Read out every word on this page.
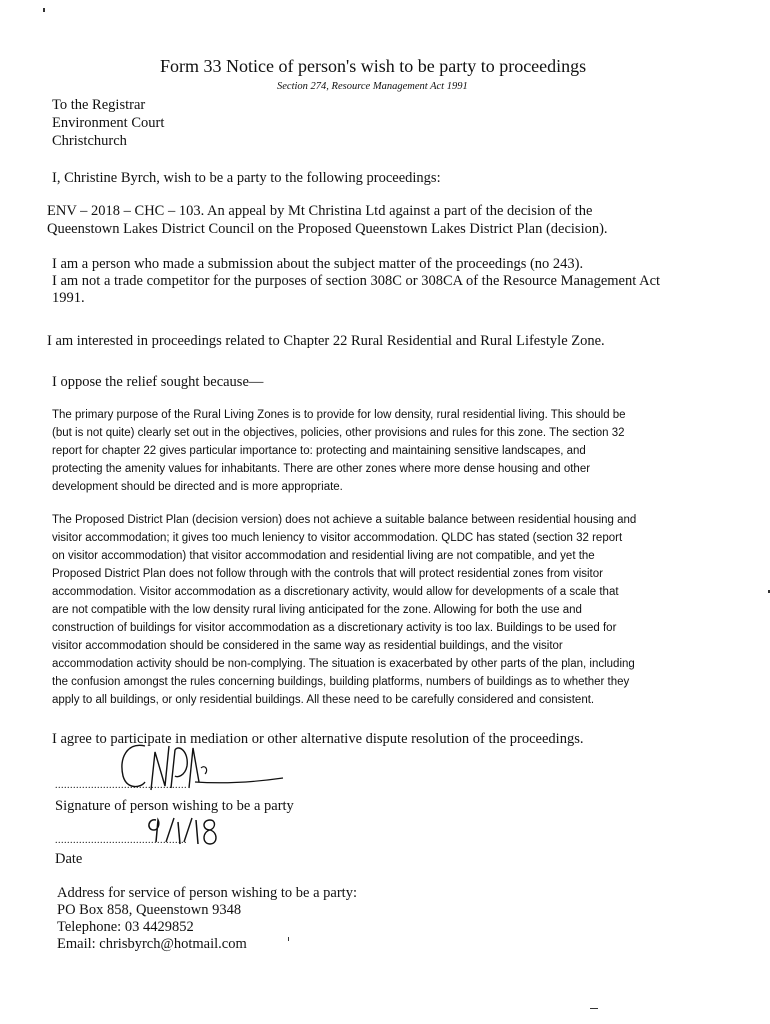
Form 33 Notice of person's wish to be party to proceedings
Section 274, Resource Management Act 1991
To the Registrar
Environment Court
Christchurch
I, Christine Byrch, wish to be a party to the following proceedings:
ENV – 2018 – CHC – 103. An appeal by Mt Christina Ltd against a part of the decision of the
Queenstown Lakes District Council on the Proposed Queenstown Lakes District Plan (decision).
I am a person who made a submission about the subject matter of the proceedings (no 243).
I am not a trade competitor for the purposes of section 308C or 308CA of the Resource Management Act
1991.
I am interested in proceedings related to Chapter 22 Rural Residential and Rural Lifestyle Zone.
I oppose the relief sought because—
The primary purpose of the Rural Living Zones is to provide for low density, rural residential living. This should be
(but is not quite) clearly set out in the objectives, policies, other provisions and rules for this zone. The section 32
report for chapter 22 gives particular importance to: protecting and maintaining sensitive landscapes, and
protecting the amenity values for inhabitants. There are other zones where more dense housing and other
development should be directed and is more appropriate.
The Proposed District Plan (decision version) does not achieve a suitable balance between residential housing and
visitor accommodation; it gives too much leniency to visitor accommodation. QLDC has stated (section 32 report
on visitor accommodation) that visitor accommodation and residential living are not compatible, and yet the
Proposed District Plan does not follow through with the controls that will protect residential zones from visitor
accommodation. Visitor accommodation as a discretionary activity, would allow for developments of a scale that
are not compatible with the low density rural living anticipated for the zone. Allowing for both the use and
construction of buildings for visitor accommodation as a discretionary activity is too lax. Buildings to be used for
visitor accommodation should be considered in the same way as residential buildings, and the visitor
accommodation activity should be non-complying. The situation is exacerbated by other parts of the plan, including
the confusion amongst the rules concerning buildings, building platforms, numbers of buildings as to whether they
apply to all buildings, or only residential buildings. All these need to be carefully considered and consistent.
I agree to participate in mediation or other alternative dispute resolution of the proceedings.
............................................
Signature of person wishing to be a party
............................................
Date
Address for service of person wishing to be a party:
PO Box 858, Queenstown 9348
Telephone: 03 4429852
Email: chrisbyrch@hotmail.com
